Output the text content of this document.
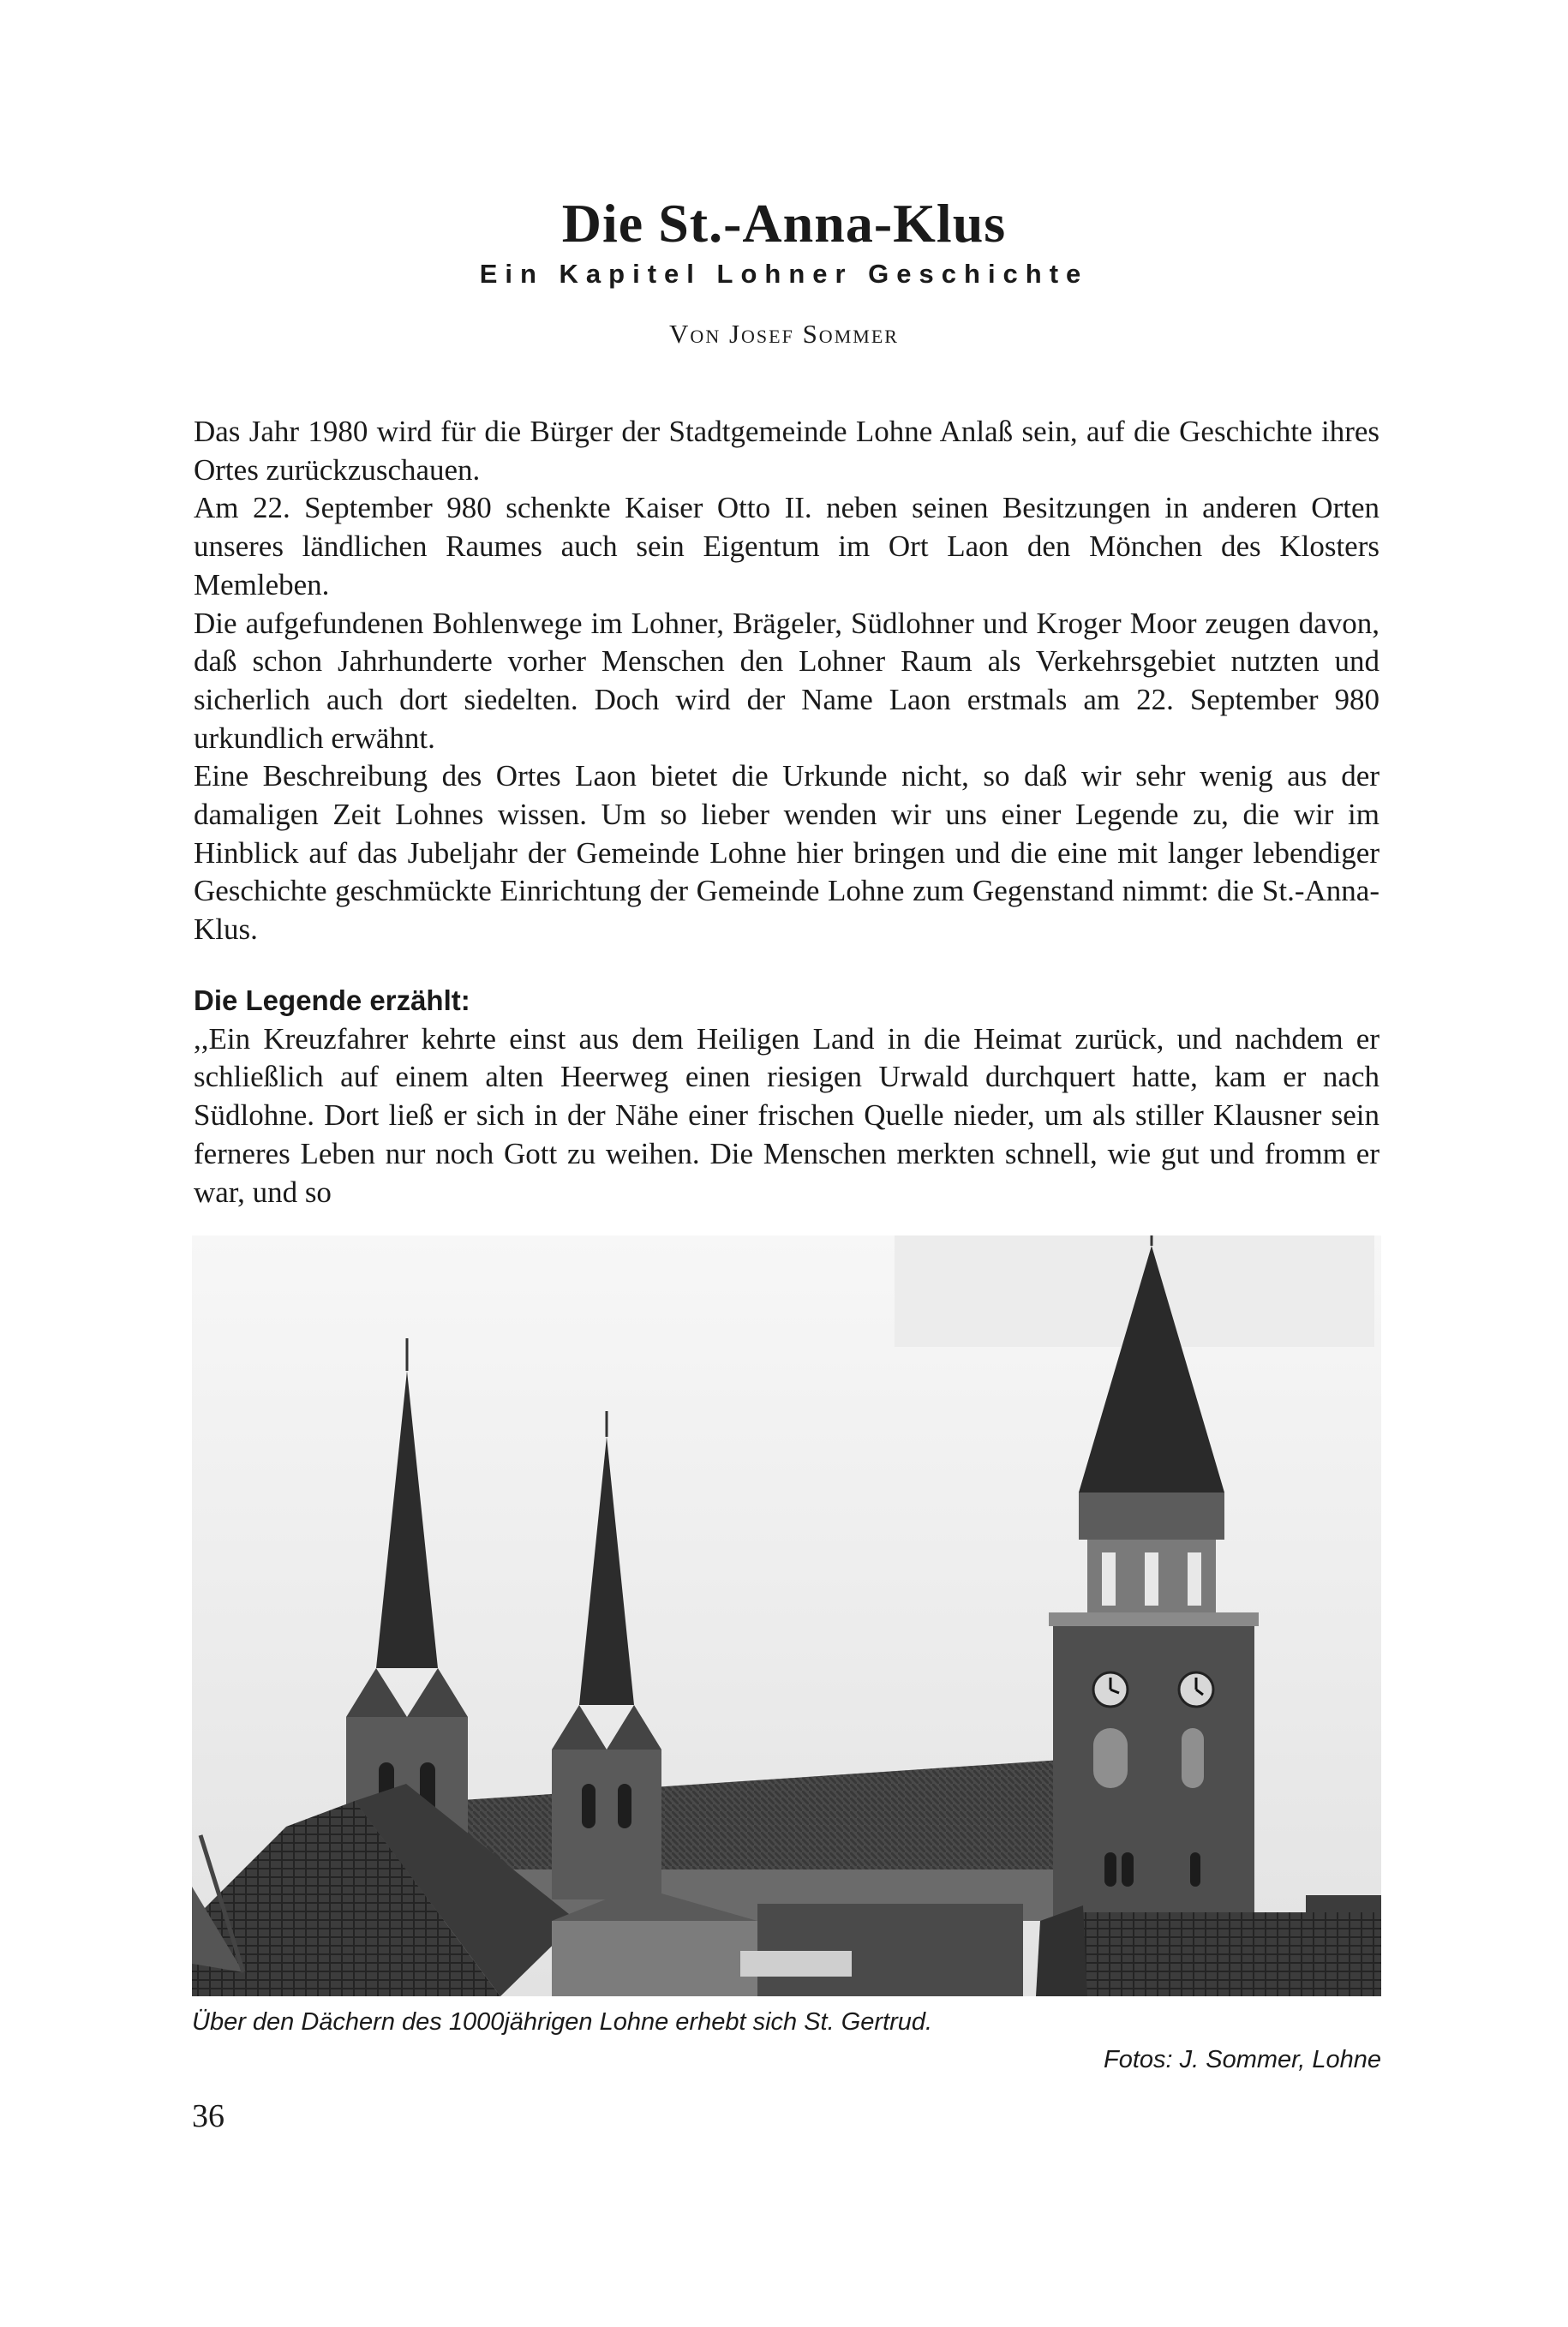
Die St.-Anna-Klus

Ein Kapitel Lohner Geschichte

Von Josef Sommer

Das Jahr 1980 wird für die Bürger der Stadtgemeinde Lohne Anlaß sein, auf die Geschichte ihres Ortes zurückzuschauen.

Am 22. September 980 schenkte Kaiser Otto II. neben seinen Besitzungen in anderen Orten unseres ländlichen Raumes auch sein Eigentum im Ort Laon den Mönchen des Klosters Memleben.

Die aufgefundenen Bohlenwege im Lohner, Brägeler, Südlohner und Kroger Moor zeugen davon, daß schon Jahrhunderte vorher Menschen den Lohner Raum als Verkehrsgebiet nutzten und sicherlich auch dort siedelten. Doch wird der Name Laon erstmals am 22. September 980 urkundlich erwähnt.

Eine Beschreibung des Ortes Laon bietet die Urkunde nicht, so daß wir sehr wenig aus der damaligen Zeit Lohnes wissen. Um so lieber wenden wir uns einer Legende zu, die wir im Hinblick auf das Jubeljahr der Gemeinde Lohne hier bringen und die eine mit langer lebendiger Geschichte geschmückte Einrichtung der Gemeinde Lohne zum Gegenstand nimmt: die St.-Anna-Klus.

Die Legende erzählt:

,,Ein Kreuzfahrer kehrte einst aus dem Heiligen Land in die Heimat zurück, und nachdem er schließlich auf einem alten Heerweg einen riesigen Urwald durchquert hatte, kam er nach Südlohne. Dort ließ er sich in der Nähe einer frischen Quelle nieder, um als stiller Klausner sein ferneres Leben nur noch Gott zu weihen. Die Menschen merkten schnell, wie gut und fromm er war, und so

Über den Dächern des 1000jährigen Lohne erhebt sich St. Gertrud.

Fotos: J. Sommer, Lohne

36
